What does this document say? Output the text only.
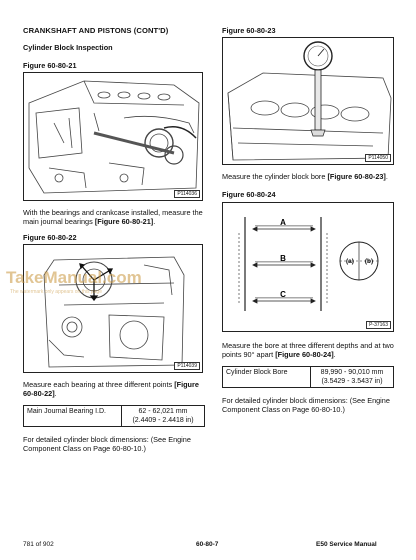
CRANKSHAFT AND PISTONS (CONT'D)
Cylinder Block Inspection
Figure 60-80-21
P114036
With the bearings and crankcase installed, measure the
main journal bearings [Figure 60-80-21].
Figure 60-80-22
P114039
Measure each bearing at three different points [Figure
60-80-22].
Main Journal Bearing I.D.	62 - 62,021 mm
(2.4409 - 2.4418 in)
For detailed cylinder block dimensions: (See Engine
Component Class on Page 60-80-10.)
Figure 60-80-23
P114050
Measure the cylinder block bore [Figure 60-80-23].
Figure 60-80-24
A
B
C
(a) (b)
P-37163
Measure the bore at three different depths and at two
points 90° apart [Figure 60-80-24].
Cylinder Block Bore	89,990 - 90,010 mm
(3.5429 - 3.5437 in)
For detailed cylinder block dimensions: (See Engine
Component Class on Page 60-80-10.)
TakeManual.com
The watermark only appears on this page
781 of 902	60-80-7	E50 Service Manual
